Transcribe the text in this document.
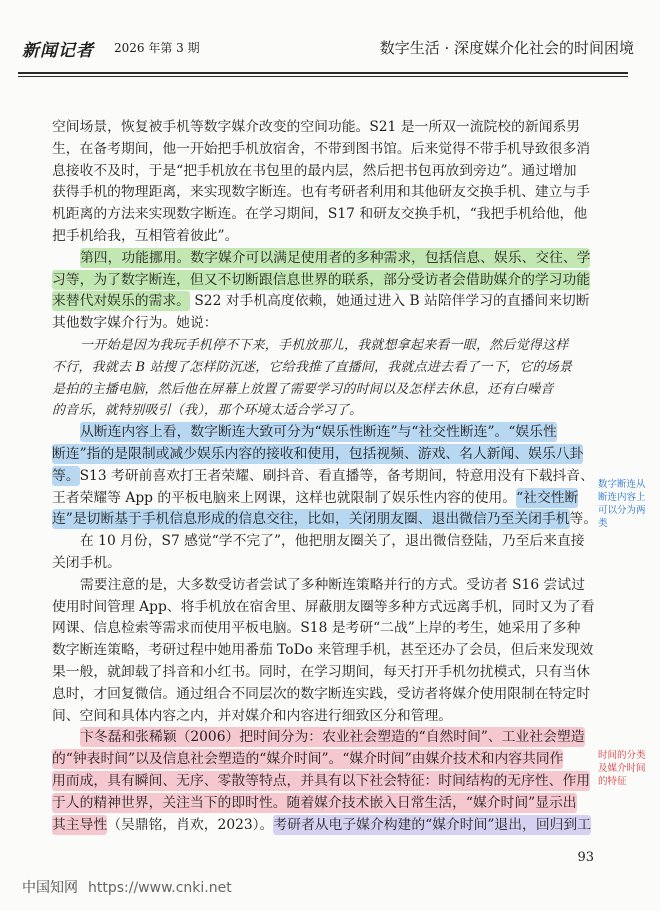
新闻记者 2026 年第 3 期	数字生活 · 深度媒介化社会的时间困境
空间场景，恢复被手机等数字媒介改变的空间功能。S21 是一所双一流院校的新闻系男
生，在备考期间，他一开始把手机放宿舍，不带到图书馆。后来觉得不带手机导致很多消
息接收不及时，于是“把手机放在书包里的最内层，然后把书包再放到旁边”。通过增加
获得手机的物理距离，来实现数字断连。也有考研者利用和其他研友交换手机、建立与手
机距离的方法来实现数字断连。在学习期间，S17 和研友交换手机，“我把手机给他，他
把手机给我，互相管着彼此”。
第四，功能挪用。数字媒介可以满足使用者的多种需求，包括信息、娱乐、交往、学
习等，为了数字断连，但又不切断跟信息世界的联系，部分受访者会借助媒介的学习功能
来替代对娱乐的需求。 S22 对手机高度依赖，她通过进入 B 站陪伴学习的直播间来切断
其他数字媒介行为。她说：
一开始是因为我玩手机停不下来，手机放那儿，我就想拿起来看一眼，然后觉得这样
不行，我就去 B 站搜了怎样防沉迷，它给我推了直播间，我就点进去看了一下，它的场景
是拍的主播电脑，然后他在屏幕上放置了需要学习的时间以及怎样去休息，还有白噪音
的音乐，就特别吸引（我），那个环境太适合学习了。
从断连内容上看，数字断连大致可分为“娱乐性断连”与“社交性断连”。“娱乐性
断连”指的是限制或减少娱乐内容的接收和使用，包括视频、游戏、名人新闻、娱乐八卦
等。S13 考研前喜欢打王者荣耀、刷抖音、看直播等，备考期间，特意用没有下载抖音、
王者荣耀等 App 的平板电脑来上网课，这样也就限制了娱乐性内容的使用。“社交性断
连”是切断基于手机信息形成的信息交往，比如，关闭朋友圈、退出微信乃至关闭手机等。
在 10 月份，S7 感觉“学不完了”，他把朋友圈关了，退出微信登陆，乃至后来直接
关闭手机。
需要注意的是，大多数受访者尝试了多种断连策略并行的方式。受访者 S16 尝试过
使用时间管理 App、将手机放在宿舍里、屏蔽朋友圈等多种方式远离手机，同时又为了看
网课、信息检索等需求而使用平板电脑。S18 是考研“二战”上岸的考生，她采用了多种
数字断连策略，考研过程中她用番茄 ToDo 来管理手机，甚至还办了会员，但后来发现效
果一般，就卸载了抖音和小红书。同时，在学习期间，每天打开手机勿扰模式，只有当休
息时，才回复微信。通过组合不同层次的数字断连实践，受访者将媒介使用限制在特定时
间、空间和具体内容之内，并对媒介和内容进行细致区分和管理。
卞冬磊和张稀颖（2006）把时间分为：农业社会塑造的“自然时间”、工业社会塑造
的“钟表时间”以及信息社会塑造的“媒介时间”。“媒介时间”由媒介技术和内容共同作
用而成，具有瞬间、无序、零散等特点，并具有以下社会特征：时间结构的无序性、作用
于人的精神世界，关注当下的即时性。随着媒介技术嵌入日常生活，“媒介时间”显示出
其主导性（吴鼎铭，肖欢，2023）。考研者从电子媒介构建的“媒介时间”退出，回归到工
数字断连从
断连内容上
可以分为两
类
时间的分类
及媒介时间
的特征
93
中国知网 https://www.cnki.net
